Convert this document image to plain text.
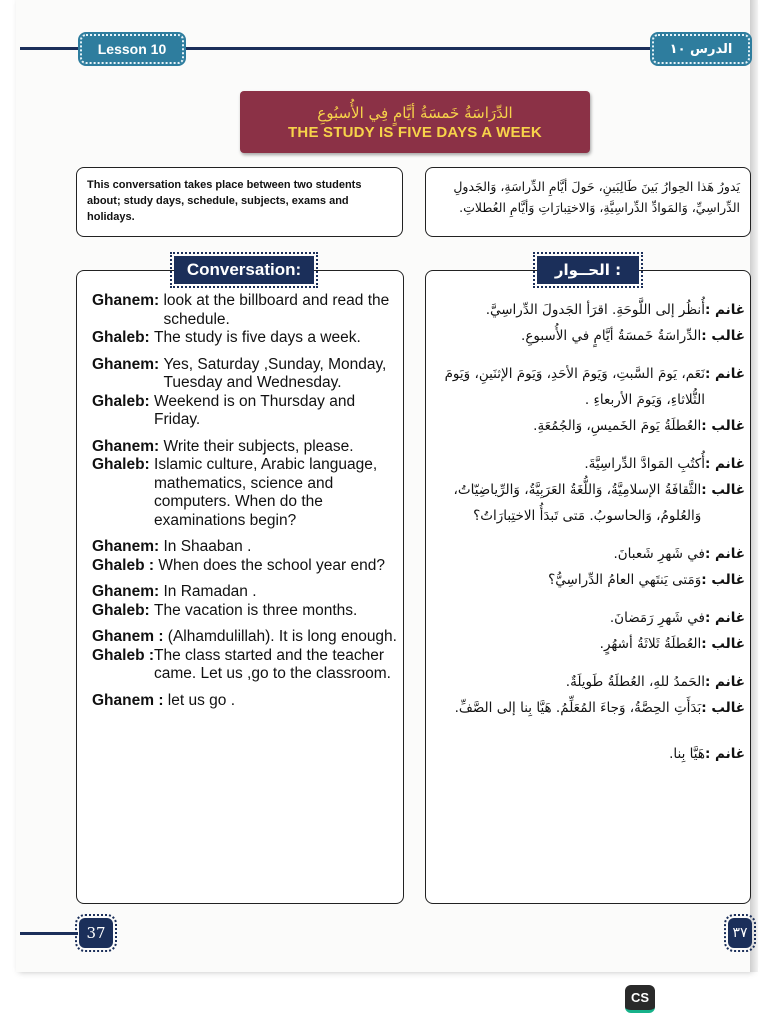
Lesson 10	الدرس ١٠
الدِّرَاسَةُ خَمسَةُ أيَّامٍ فِي الأُسبُوعِ
THE STUDY IS FIVE DAYS A WEEK
This conversation takes place between two students about; study days, schedule, subjects, exams and holidays.
يَدورُ هَذا الحِوارُ بَينَ طَالِبَينِ، حَولَ أيَّامِ الدِّراسَةِ، وَالجَدولِ الدِّراسِيِّ، وَالمَوادِّ الدِّراسِيَّةِ، وَالاختِبارَاتِ وَأيَّامِ العُطلاتِ.
Conversation:	الحــوار :
Ghanem: look at the billboard and read the schedule.
Ghaleb: The study is five days a week.
Ghanem: Yes, Saturday ,Sunday, Monday, Tuesday and Wednesday.
Ghaleb: Weekend is on Thursday and Friday.
Ghanem: Write their subjects, please.
Ghaleb: Islamic culture, Arabic language, mathematics, science and computers. When do the examinations begin?
Ghanem: In Shaaban .
Ghaleb : When does the school year end?
Ghanem: In Ramadan .
Ghaleb: The vacation is three months.
Ghanem : (Alhamdulillah). It is long enough.
Ghaleb : The class started and the teacher came. Let us ,go to the classroom.
Ghanem : let us go .
غانم :
أُنظُر إلى اللَّوحَةِ. اقرَأ الجَدولَ الدِّراسِيَّ.
غالب :
الدِّراسَةُ خَمسَةُ أيَّامٍ في الأُسبوعِ.
غانم :
نَعَم، يَومَ السَّبتِ، وَيَومَ الأحَدِ، وَيَومَ الإثنَينِ، وَيَومَ الثُّلاثاءِ، وَيَومَ الأربعاءِ .
غالب :
العُطلَةُ يَومَ الخَميسِ، وَالجُمُعَةِ.
غانم :
أُكتُبِ المَوادَّ الدِّراسِيَّةَ.
غالب :
الثَّقافَةُ الإسلامِيَّةُ، وَاللُّغَةُ العَرَبِيَّةُ، وَالرِّياضِيّاتُ، وَالعُلومُ، وَالحاسوبُ. مَتى تَبدَأُ الاختِبارَاتُ؟
غانم :
في شَهرِ شَعبانَ.
غالب :
وَمَتى يَنتَهي العامُ الدِّراسِيُّ؟
غانم :
في شَهرِ رَمَضانَ.
غالب :
العُطلَةُ ثَلاثَةُ أشهُرٍ.
غانم :
الحَمدُ للهِ، العُطلَةُ طَويلَةٌ.
غالب :
بَدَأَتِ الحِصَّةُ، وَجاءَ المُعَلِّمُ. هَيَّا بِنا إلى الصَّفِّ.
غانم :
هَيَّا بِنا.
37	٣٧
CS
